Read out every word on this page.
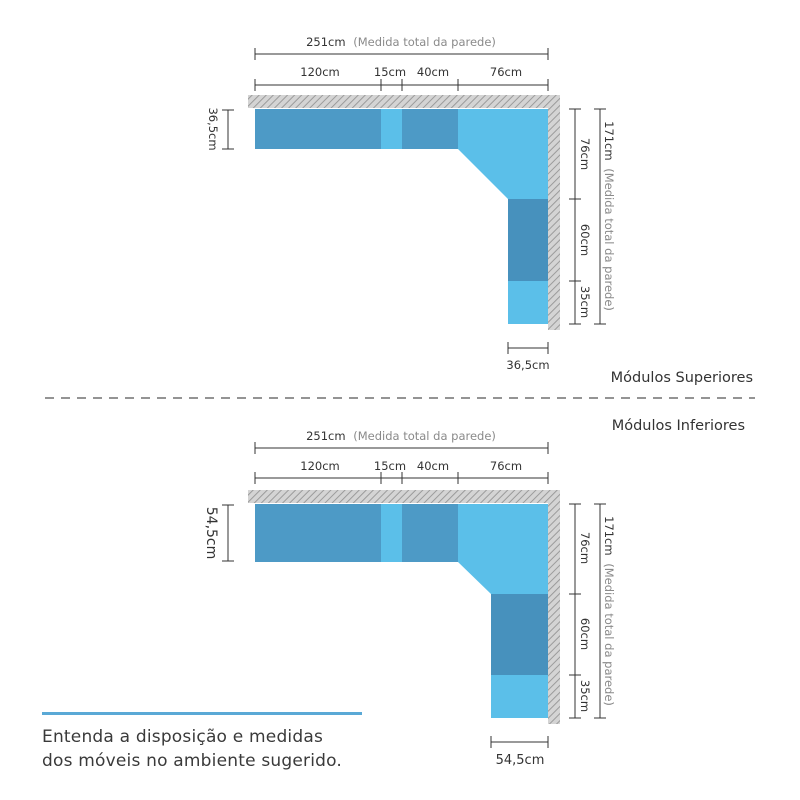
251cm (Medida total da parede)
120cm	15cm 40cm	76cm
36,5cm
76cm
60cm
35cm
171cm (Medida total da parede)
36,5cm
Módulos Superiores
Módulos Inferiores
251cm (Medida total da parede)
120cm	15cm 40cm	76cm
54,5cm	76cm
60cm
35cm
171cm (Medida total da parede)
54,5cm
Entenda a disposição e medidas
dos móveis no ambiente sugerido.
